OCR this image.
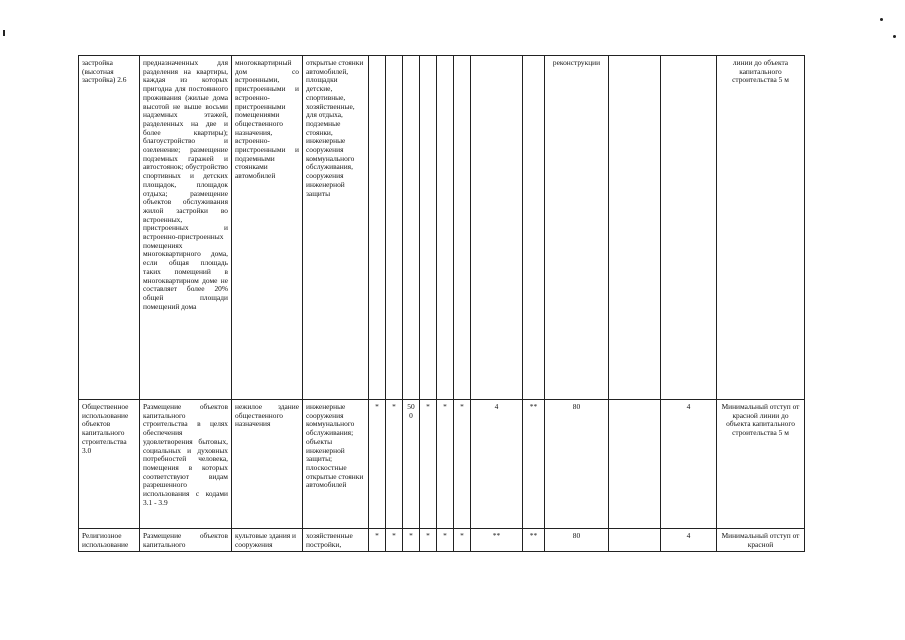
застройка (высотная застройка) 2.6	предназначенных для разделения на квартиры, каждая из которых пригодна для постоянного проживания (жилые дома высотой не выше восьми надземных этажей, разделенных на две и более квартиры); благоустройство и озеленение; размещение подземных гаражей и автостоянок; обустройство спортивных и детских площадок, площадок отдыха; размещение объектов обслуживания жилой застройки во встроенных, пристроенных и встроенно-пристроенных помещениях многоквартирного дома, если общая площадь таких помещений в многоквартирном доме не составляет более 20% общей площади помещений дома	многоквартирный дом со встроенными, пристроенными и встроенно-пристроенными помещениями общественного назначения, встроенно-пристроенными и подземными стоянками автомобилей	открытые стоянки автомобилей, площадки детские, спортивные, хозяйственные, для отдыха, подземные стоянки, инженерные сооружения коммунального обслуживания, сооружения инженерной защиты									реконструкции			линии до объекта капитального строительства 5 м
Общественное использование объектов капитального строительства 3.0	Размещение объектов капитального строительства в целях обеспечения удовлетворения бытовых, социальных и духовных потребностей человека, помещения в которых соответствуют видам разрешенного использования с кодами 3.1 - 3.9	нежилое здание общественного назначения	инженерные сооружения коммунального обслуживания; объекты инженерной защиты; плоскостные открытые стоянки автомобилей	*	*	500	*	*	*	4	**	80		4	Минимальный отступ от красной линии до объекта капитального строительства 5 м
Религиозное использование	Размещение объектов капитального	культовые здания и сооружения	хозяйственные постройки,	*	*	*	*	*	*	**	**	80		4	Минимальный отступ от красной
